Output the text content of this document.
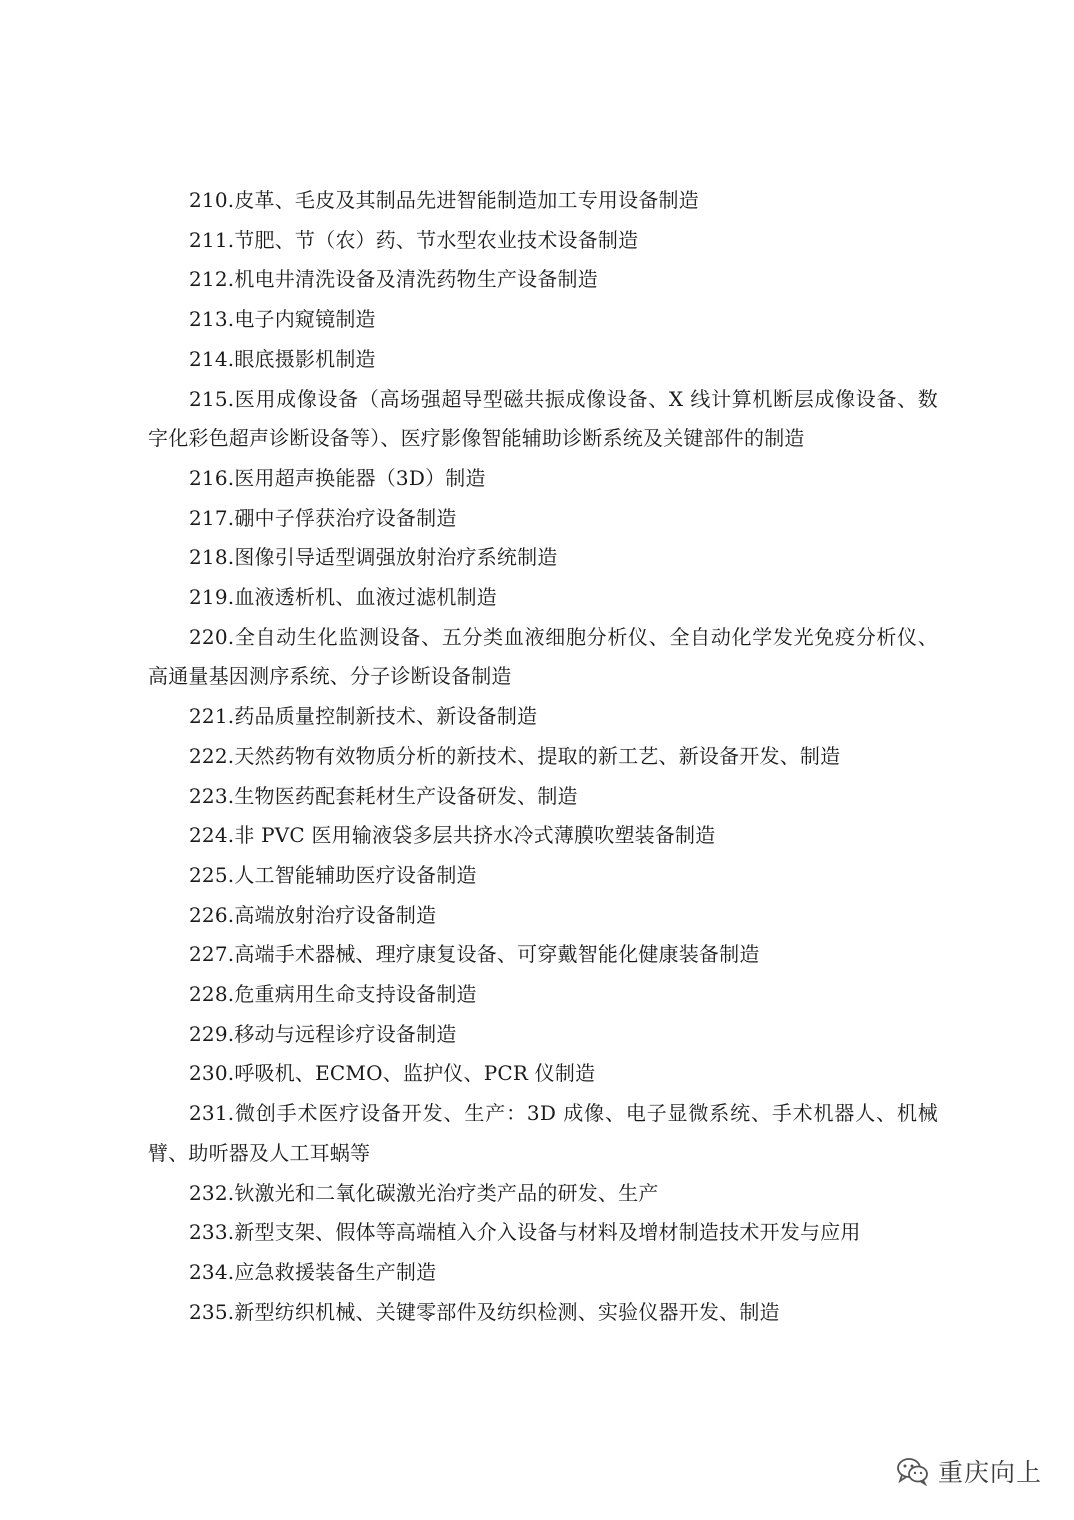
210.皮革、毛皮及其制品先进智能制造加工专用设备制造

211.节肥、节（农）药、节水型农业技术设备制造

212.机电井清洗设备及清洗药物生产设备制造

213.电子内窥镜制造

214.眼底摄影机制造

215.医用成像设备（高场强超导型磁共振成像设备、X 线计算机断层成像设备、数字化彩色超声诊断设备等）、医疗影像智能辅助诊断系统及关键部件的制造

216.医用超声换能器（3D）制造

217.硼中子俘获治疗设备制造

218.图像引导适型调强放射治疗系统制造

219.血液透析机、血液过滤机制造

220.全自动生化监测设备、五分类血液细胞分析仪、全自动化学发光免疫分析仪、高通量基因测序系统、分子诊断设备制造

221.药品质量控制新技术、新设备制造

222.天然药物有效物质分析的新技术、提取的新工艺、新设备开发、制造

223.生物医药配套耗材生产设备研发、制造

224.非 PVC 医用输液袋多层共挤水冷式薄膜吹塑装备制造

225.人工智能辅助医疗设备制造

226.高端放射治疗设备制造

227.高端手术器械、理疗康复设备、可穿戴智能化健康装备制造

228.危重病用生命支持设备制造

229.移动与远程诊疗设备制造

230.呼吸机、ECMO、监护仪、PCR 仪制造

231.微创手术医疗设备开发、生产：3D 成像、电子显微系统、手术机器人、机械臂、助听器及人工耳蜗等

232.钬激光和二氧化碳激光治疗类产品的研发、生产

233.新型支架、假体等高端植入介入设备与材料及增材制造技术开发与应用

234.应急救援装备生产制造

235.新型纺织机械、关键零部件及纺织检测、实验仪器开发、制造

重庆向上
